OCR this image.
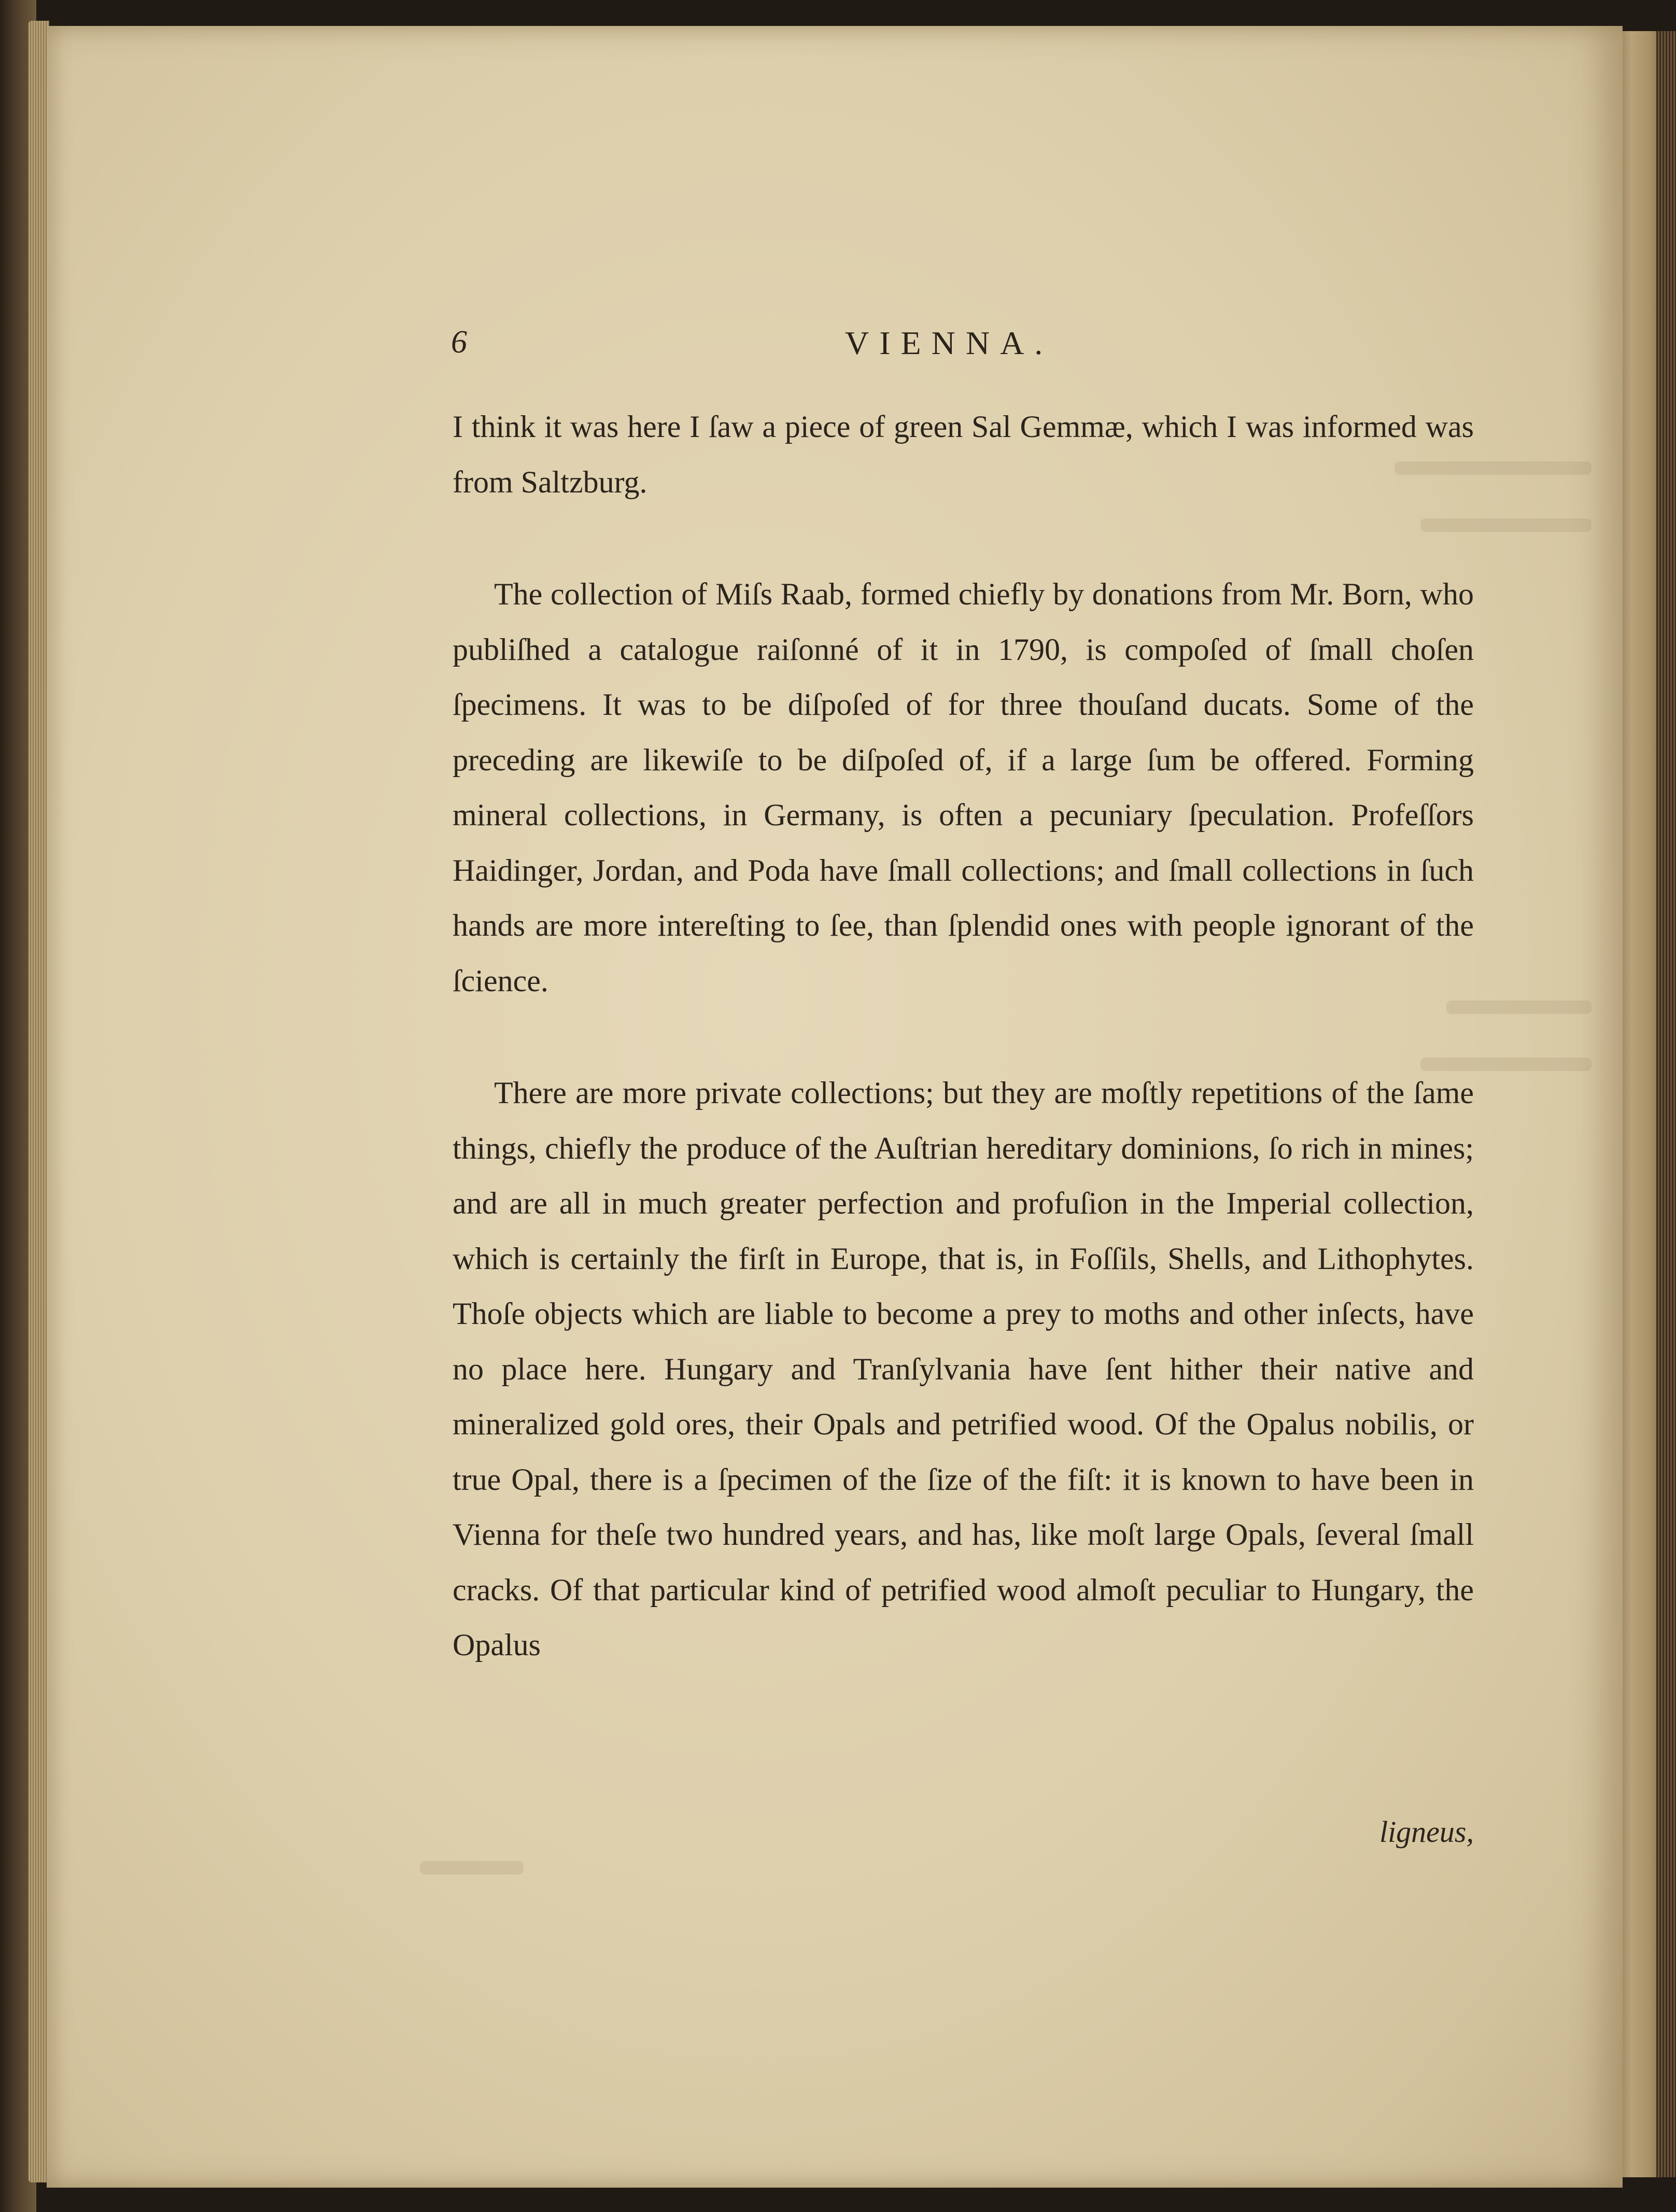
6	VIENNA.

I think it was here I ſaw a piece of green Sal Gemmæ, which I was informed was from Saltzburg.

The collection of Miſs Raab, formed chiefly by donations from Mr. Born, who publiſhed a catalogue raiſonné of it in 1790, is compoſed of ſmall choſen ſpecimens. It was to be diſpoſed of for three thouſand ducats. Some of the preceding are likewiſe to be diſpoſed of, if a large ſum be offered. Forming mineral collections, in Germany, is often a pecuniary ſpeculation. Profeſſors Haidinger, Jordan, and Poda have ſmall collections; and ſmall collections in ſuch hands are more intereſting to ſee, than ſplendid ones with people ignorant of the ſcience.

There are more private collections; but they are moſtly repetitions of the ſame things, chiefly the produce of the Auſtrian hereditary dominions, ſo rich in mines; and are all in much greater perfection and profuſion in the Imperial collection, which is certainly the firſt in Europe, that is, in Foſſils, Shells, and Lithophytes. Thoſe objects which are liable to become a prey to moths and other inſects, have no place here. Hungary and Tranſylvania have ſent hither their native and mineralized gold ores, their Opals and petrified wood. Of the Opalus nobilis, or true Opal, there is a ſpecimen of the ſize of the fiſt: it is known to have been in Vienna for theſe two hundred years, and has, like moſt large Opals, ſeveral ſmall cracks. Of that particular kind of petrified wood almoſt peculiar to Hungary, the Opalus

ligneus,
